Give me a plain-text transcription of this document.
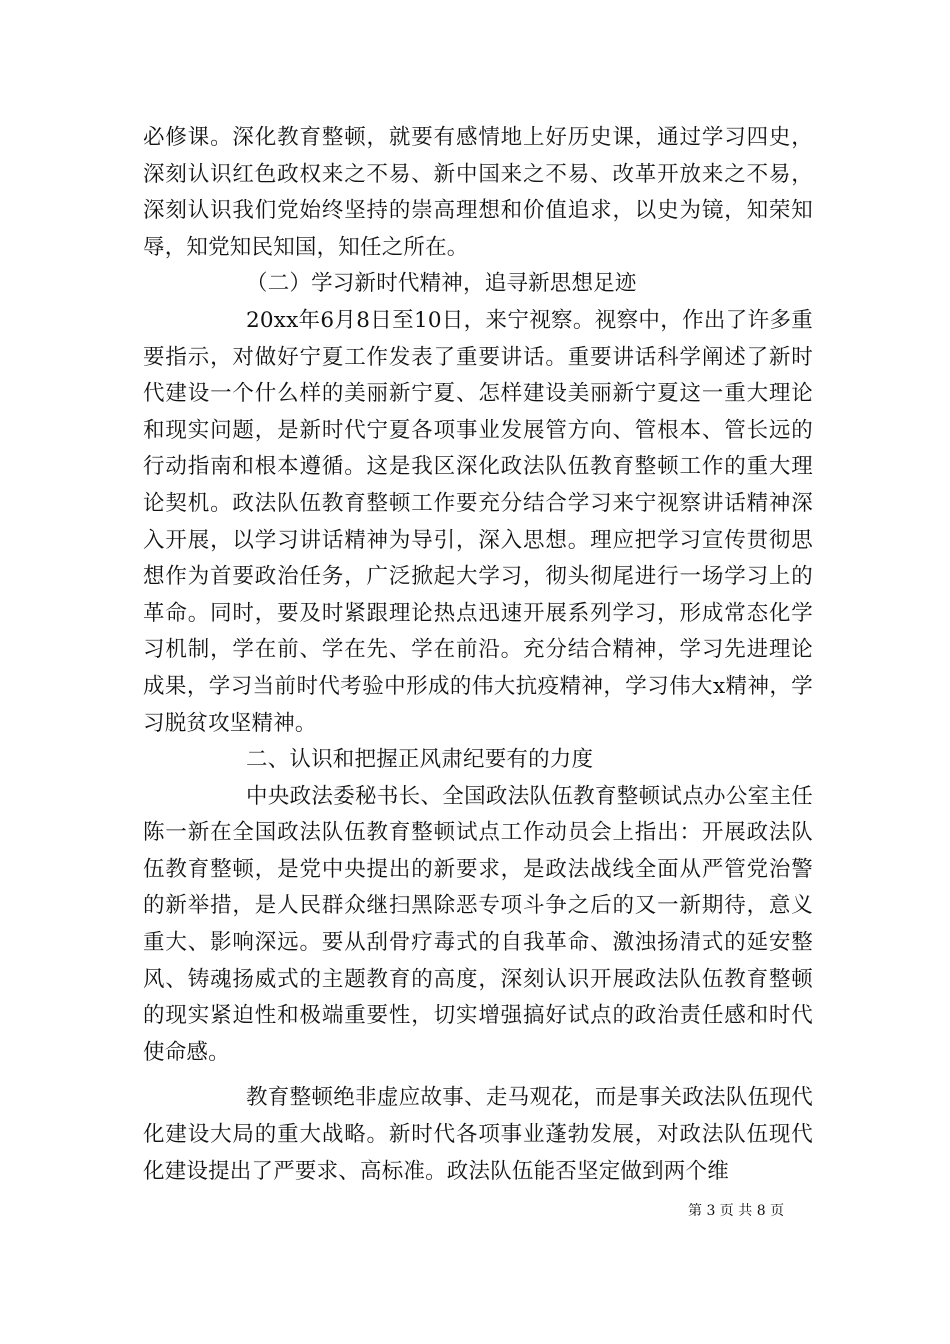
必修课。深化教育整顿，就要有感情地上好历史课，通过学习四史，深刻认识红色政权来之不易、新中国来之不易、改革开放来之不易，深刻认识我们党始终坚持的崇高理想和价值追求，以史为镜，知荣知辱，知党知民知国，知任之所在。

（二）学习新时代精神，追寻新思想足迹

20xx年6月8日至10日，来宁视察。视察中，作出了许多重要指示，对做好宁夏工作发表了重要讲话。重要讲话科学阐述了新时代建设一个什么样的美丽新宁夏、怎样建设美丽新宁夏这一重大理论和现实问题，是新时代宁夏各项事业发展管方向、管根本、管长远的行动指南和根本遵循。这是我区深化政法队伍教育整顿工作的重大理论契机。政法队伍教育整顿工作要充分结合学习来宁视察讲话精神深入开展，以学习讲话精神为导引，深入思想。理应把学习宣传贯彻思想作为首要政治任务，广泛掀起大学习，彻头彻尾进行一场学习上的革命。同时，要及时紧跟理论热点迅速开展系列学习，形成常态化学习机制，学在前、学在先、学在前沿。充分结合精神，学习先进理论成果，学习当前时代考验中形成的伟大抗疫精神，学习伟大x精神，学习脱贫攻坚精神。

二、认识和把握正风肃纪要有的力度

中央政法委秘书长、全国政法队伍教育整顿试点办公室主任陈一新在全国政法队伍教育整顿试点工作动员会上指出：开展政法队伍教育整顿，是党中央提出的新要求，是政法战线全面从严管党治警的新举措，是人民群众继扫黑除恶专项斗争之后的又一新期待，意义重大、影响深远。要从刮骨疗毒式的自我革命、激浊扬清式的延安整风、铸魂扬威式的主题教育的高度，深刻认识开展政法队伍教育整顿的现实紧迫性和极端重要性，切实增强搞好试点的政治责任感和时代使命感。

教育整顿绝非虚应故事、走马观花，而是事关政法队伍现代化建设大局的重大战略。新时代各项事业蓬勃发展，对政法队伍现代化建设提出了严要求、高标准。政法队伍能否坚定做到两个维

第 3 页 共 8 页
